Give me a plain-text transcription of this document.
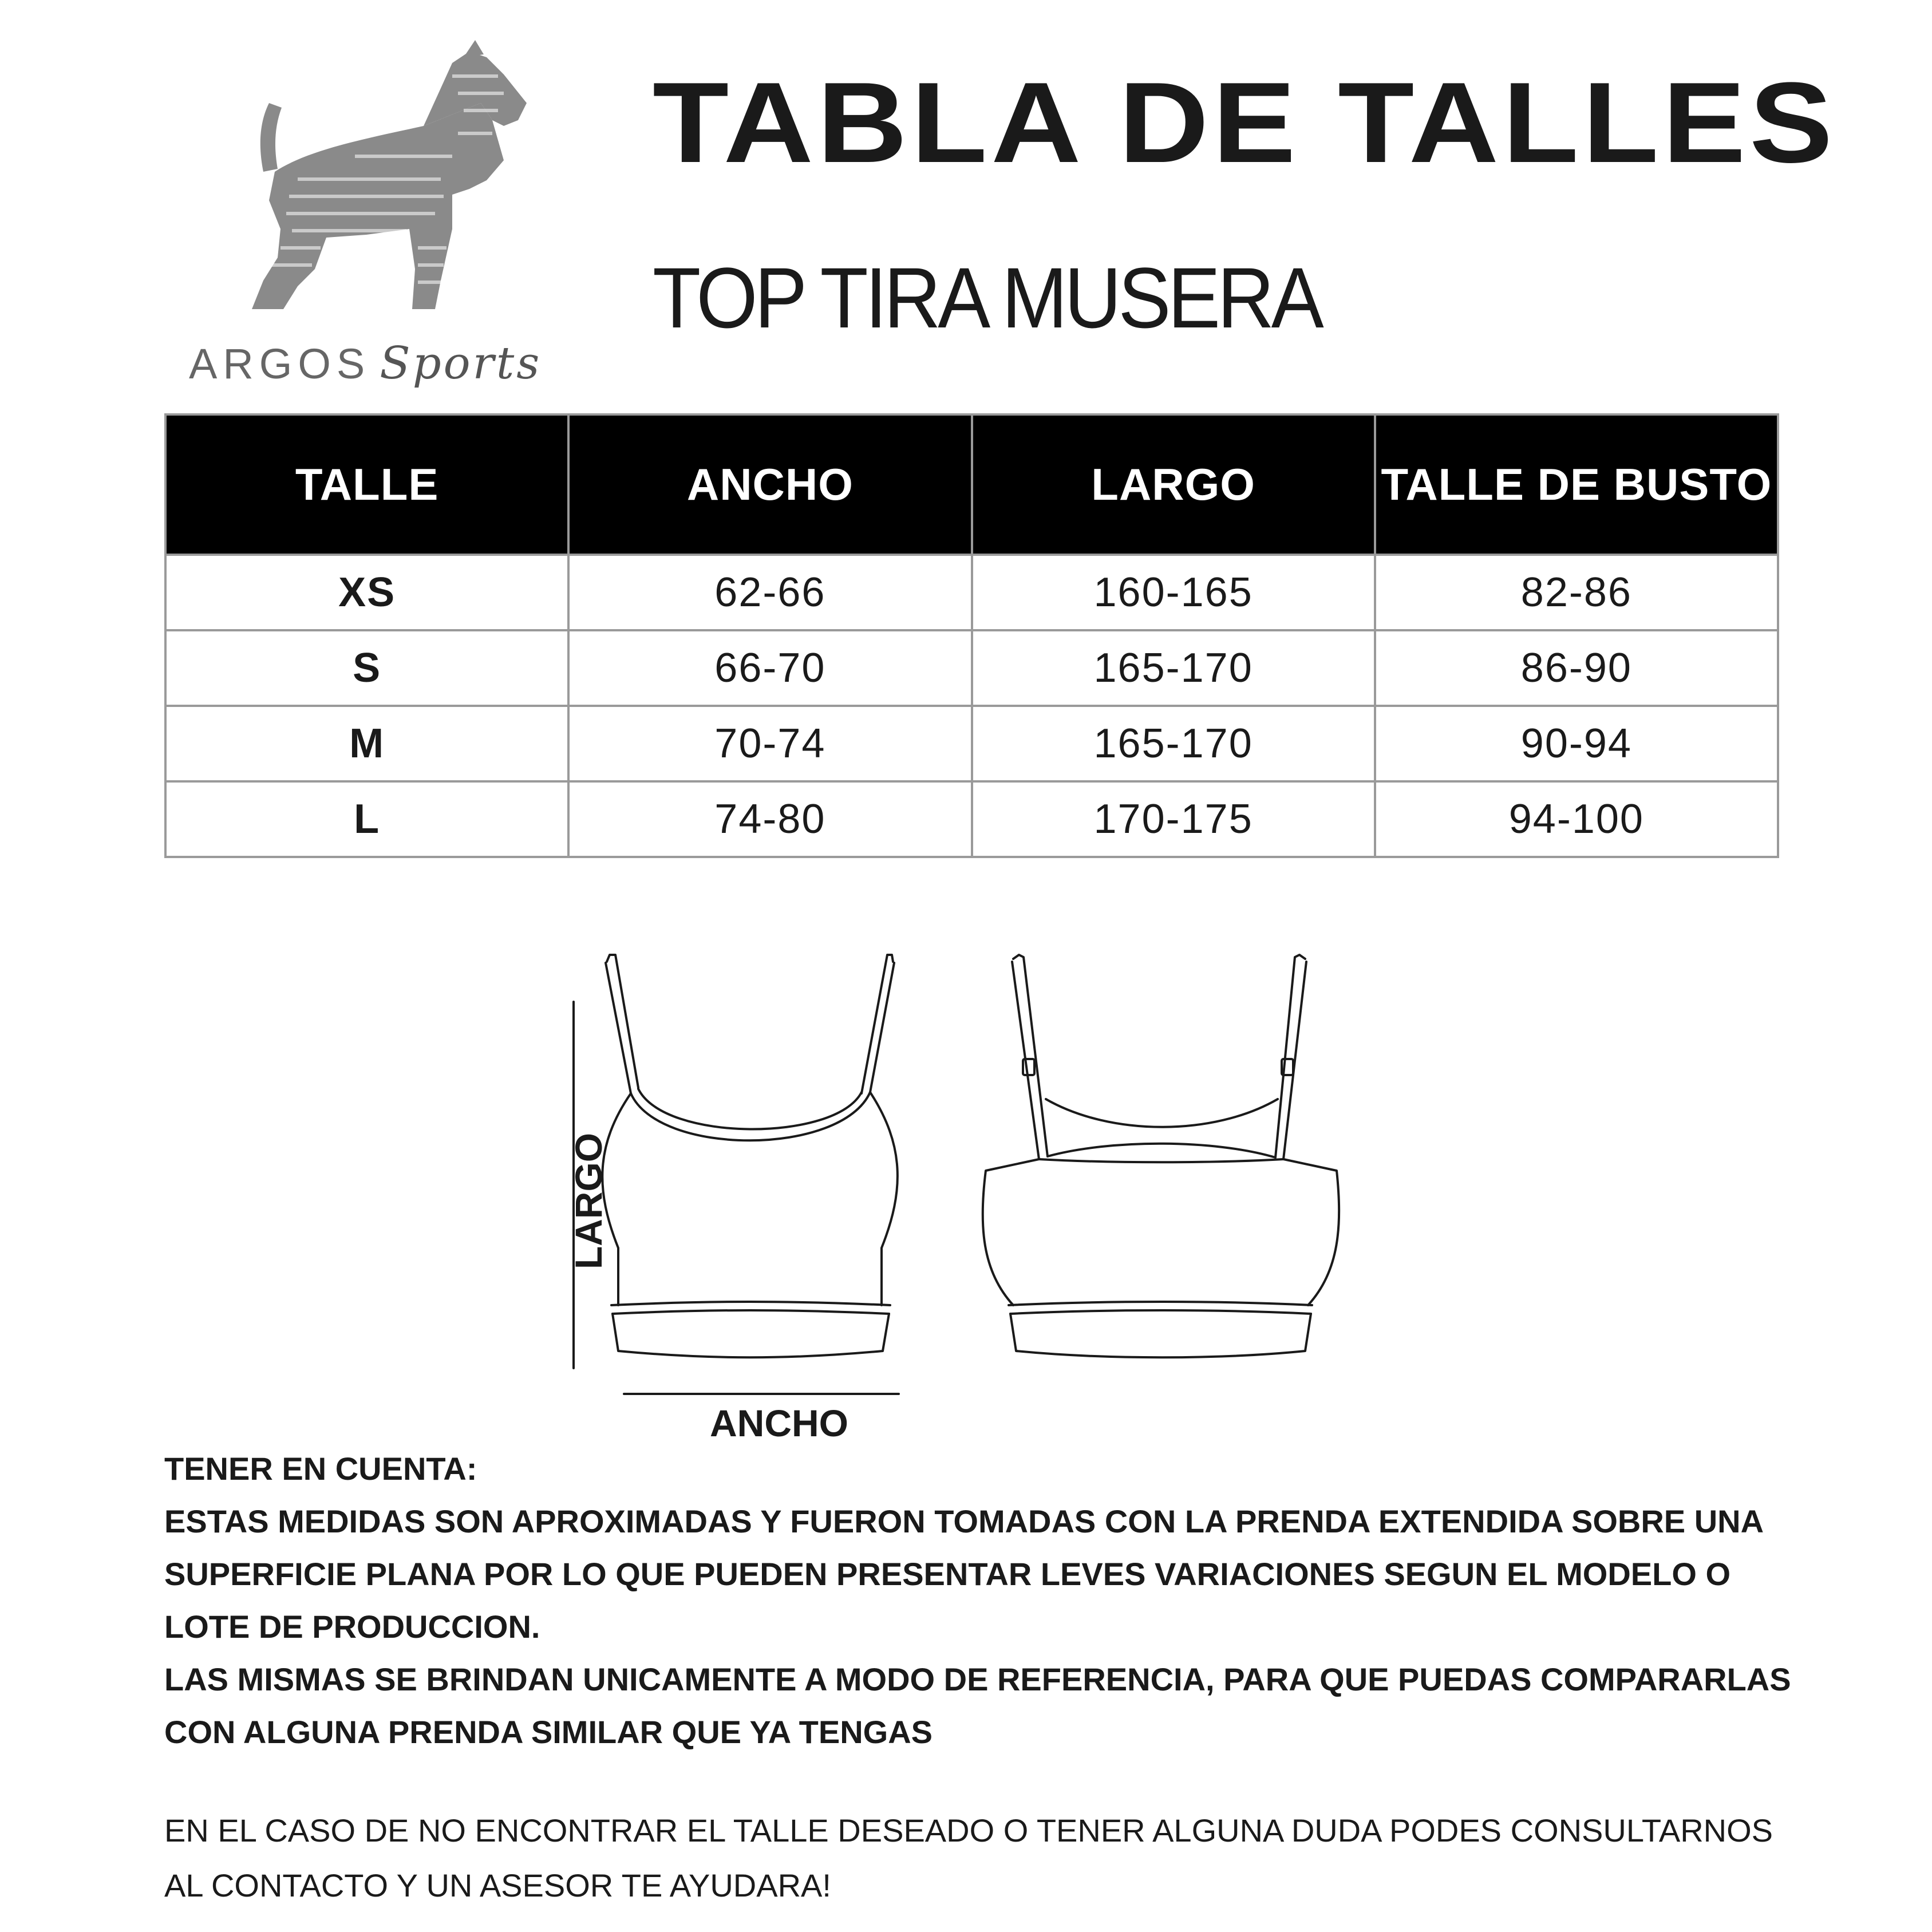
ARGOS Sports
TABLA DE TALLES
TOP TIRA MUSERA
TALLE	ANCHO	LARGO	TALLE DE BUSTO
XS	62-66	160-165	82-86
S	66-70	165-170	86-90
M	70-74	165-170	90-94
L	74-80	170-175	94-100
LARGO
ANCHO

TENER EN CUENTA:

ESTAS MEDIDAS SON APROXIMADAS Y FUERON TOMADAS CON LA PRENDA EXTENDIDA SOBRE UNA SUPERFICIE PLANA POR LO QUE PUEDEN PRESENTAR LEVES VARIACIONES SEGUN EL MODELO O LOTE DE PRODUCCION.

LAS MISMAS SE BRINDAN UNICAMENTE A MODO DE REFERENCIA, PARA QUE PUEDAS COMPARARLAS CON ALGUNA PRENDA SIMILAR QUE YA TENGAS

EN EL CASO DE NO ENCONTRAR EL TALLE DESEADO O TENER ALGUNA DUDA PODES CONSULTARNOS AL CONTACTO Y UN ASESOR TE AYUDARA!
